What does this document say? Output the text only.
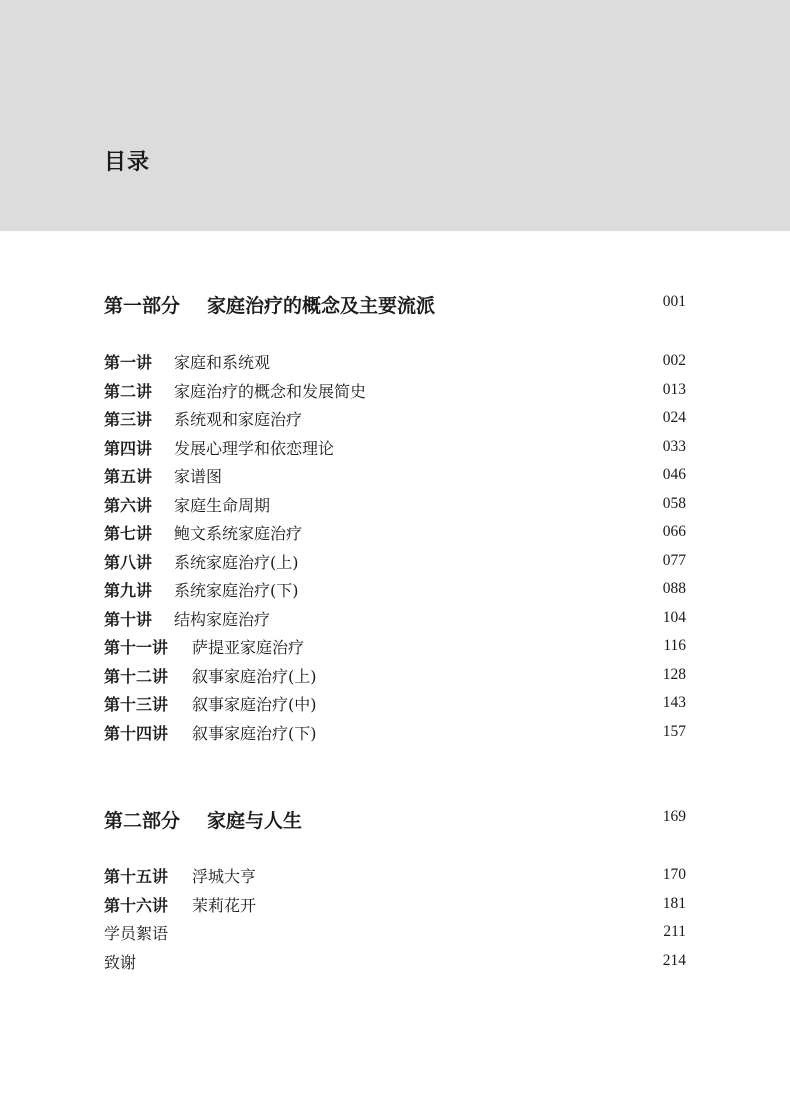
目录
第一部分 家庭治疗的概念及主要流派	001
第一讲 家庭和系统观	002
第二讲 家庭治疗的概念和发展简史	013
第三讲 系统观和家庭治疗	024
第四讲 发展心理学和依恋理论	033
第五讲 家谱图	046
第六讲 家庭生命周期	058
第七讲 鲍文系统家庭治疗	066
第八讲 系统家庭治疗(上)	077
第九讲 系统家庭治疗(下)	088
第十讲 结构家庭治疗	104
第十一讲 萨提亚家庭治疗	116
第十二讲 叙事家庭治疗(上)	128
第十三讲 叙事家庭治疗(中)	143
第十四讲 叙事家庭治疗(下)	157
第二部分 家庭与人生	169
第十五讲 浮城大亨	170
第十六讲 茉莉花开	181
学员絮语	211
致谢	214
